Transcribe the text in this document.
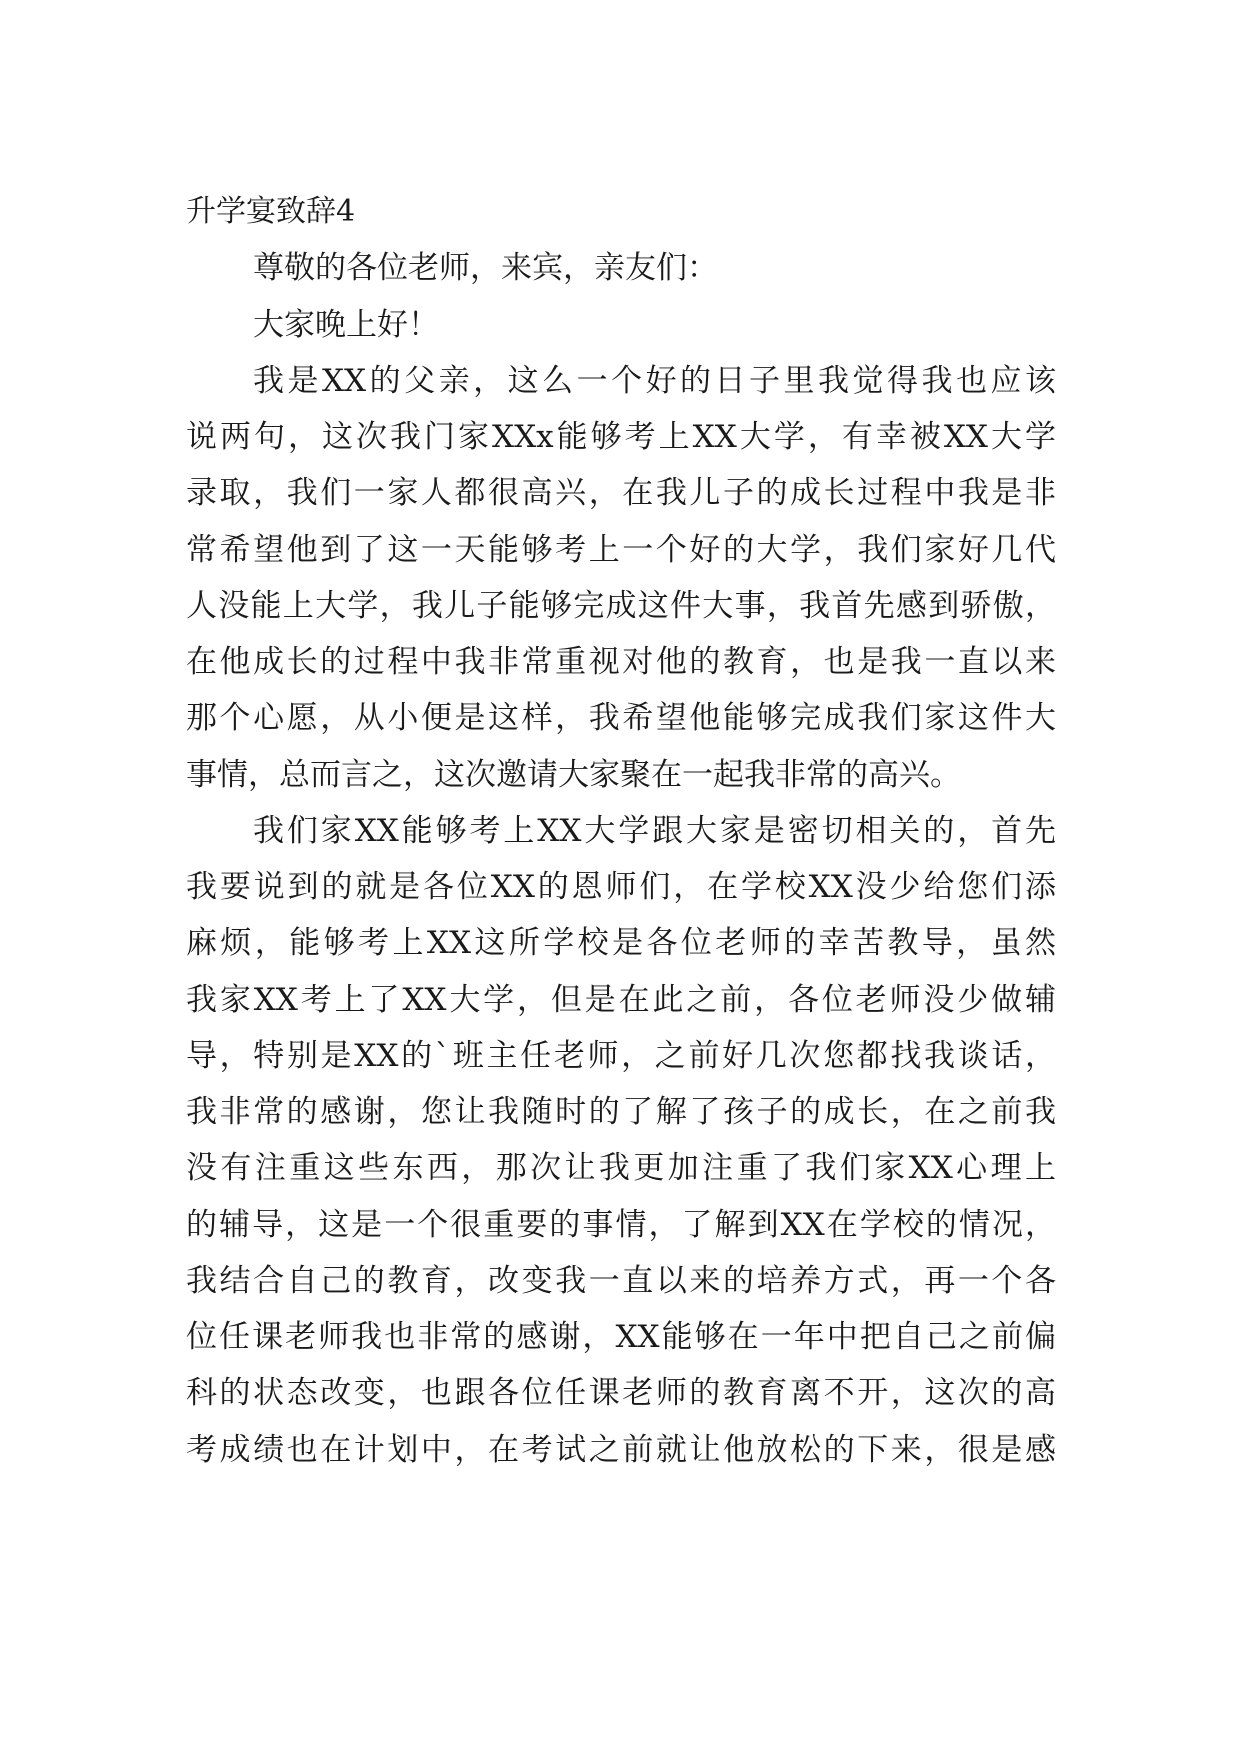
升学宴致辞4
尊敬的各位老师，来宾，亲友们：
大家晚上好！
我是XX的父亲，这么一个好的日子里我觉得我也应该
说两句，这次我门家XXx能够考上XX大学，有幸被XX大学
录取，我们一家人都很高兴，在我儿子的成长过程中我是非
常希望他到了这一天能够考上一个好的大学，我们家好几代
人没能上大学，我儿子能够完成这件大事，我首先感到骄傲，
在他成长的过程中我非常重视对他的教育，也是我一直以来
那个心愿，从小便是这样，我希望他能够完成我们家这件大
事情，总而言之，这次邀请大家聚在一起我非常的高兴。
我们家XX能够考上XX大学跟大家是密切相关的，首先
我要说到的就是各位XX的恩师们，在学校XX没少给您们添
麻烦，能够考上XX这所学校是各位老师的幸苦教导，虽然
我家XX考上了XX大学，但是在此之前，各位老师没少做辅
导，特别是XX的`班主任老师，之前好几次您都找我谈话，
我非常的感谢，您让我随时的了解了孩子的成长，在之前我
没有注重这些东西，那次让我更加注重了我们家XX心理上
的辅导，这是一个很重要的事情，了解到XX在学校的情况，
我结合自己的教育，改变我一直以来的培养方式，再一个各
位任课老师我也非常的感谢，XX能够在一年中把自己之前偏
科的状态改变，也跟各位任课老师的教育离不开，这次的高
考成绩也在计划中，在考试之前就让他放松的下来，很是感
